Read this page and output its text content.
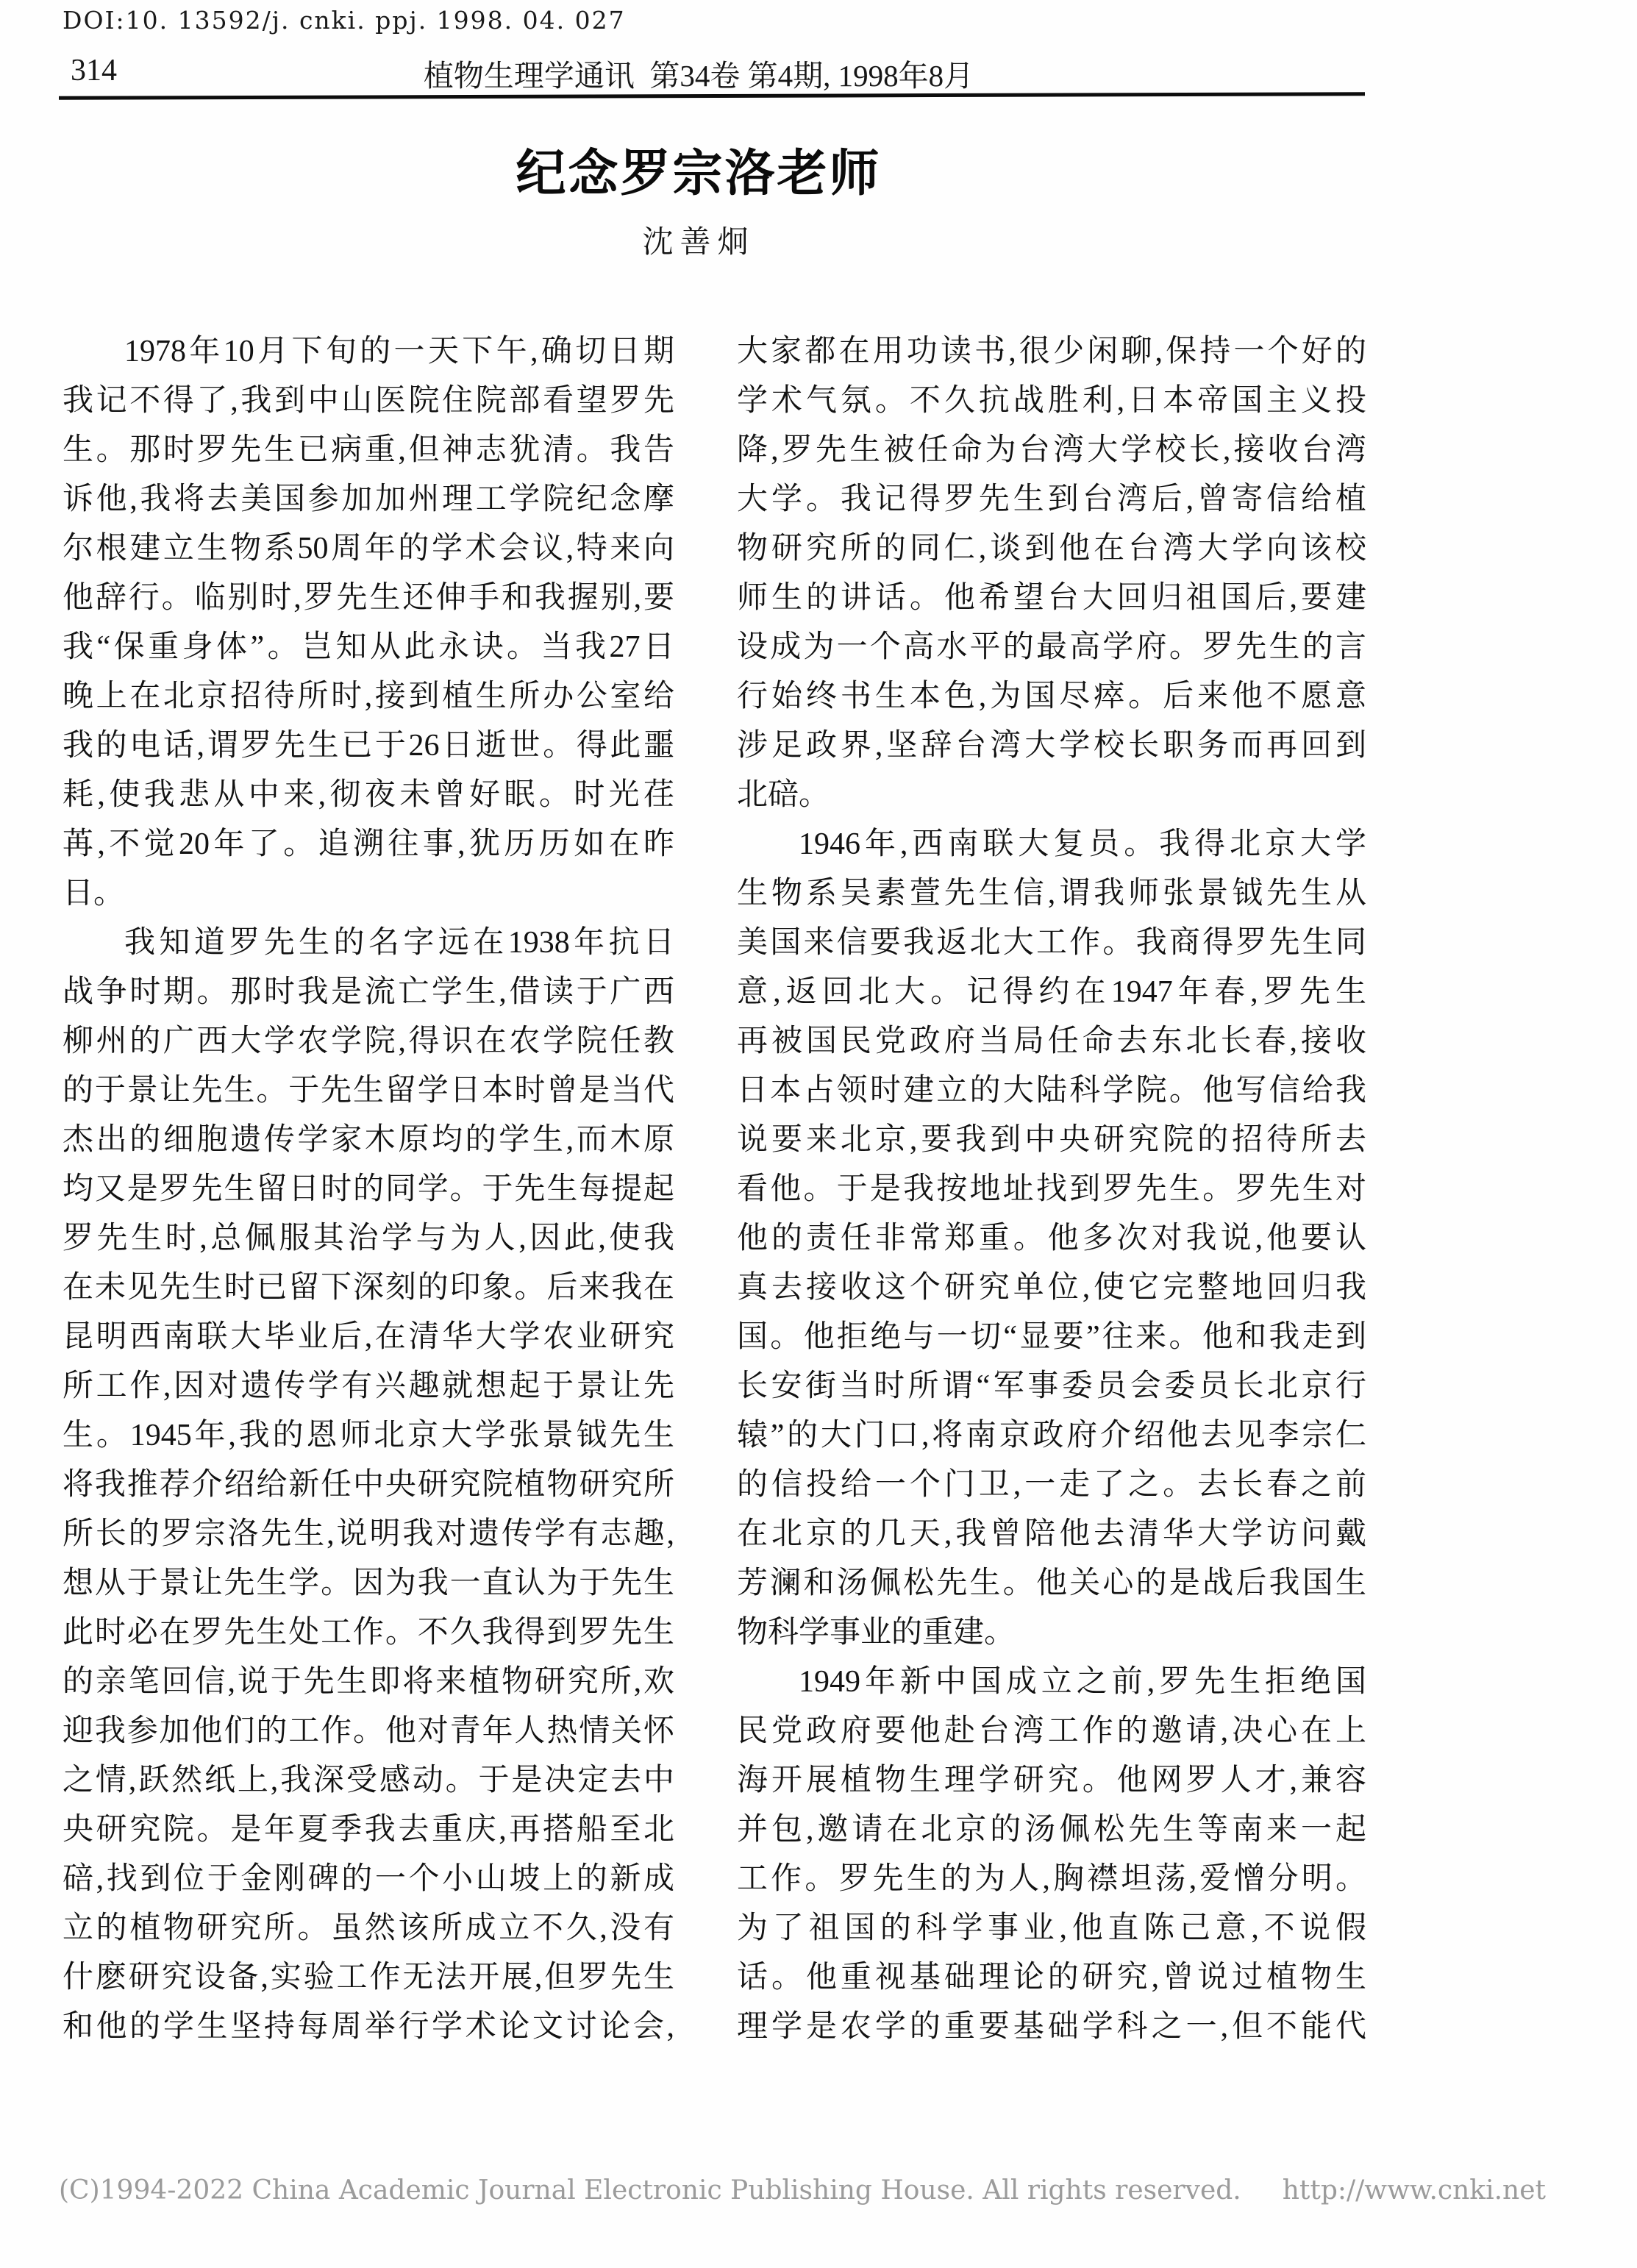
DOI:10. 13592/j. cnki. ppj. 1998. 04. 027
314	植物生理学通讯  第34卷 第4期, 1998年8月
纪念罗宗洛老师
沈善炯
1978年10月下旬的一天下午,确切日期
我记不得了,我到中山医院住院部看望罗先
生。那时罗先生已病重,但神志犹清。我告
诉他,我将去美国参加加州理工学院纪念摩
尔根建立生物系50周年的学术会议,特来向
他辞行。临别时,罗先生还伸手和我握别,要
我“保重身体”。岂知从此永诀。当我27日
晚上在北京招待所时,接到植生所办公室给
我的电话,谓罗先生已于26日逝世。得此噩
耗,使我悲从中来,彻夜未曾好眠。时光荏
苒,不觉20年了。追溯往事,犹历历如在昨
日。
我知道罗先生的名字远在1938年抗日
战争时期。那时我是流亡学生,借读于广西
柳州的广西大学农学院,得识在农学院任教
的于景让先生。于先生留学日本时曾是当代
杰出的细胞遗传学家木原均的学生,而木原
均又是罗先生留日时的同学。于先生每提起
罗先生时,总佩服其治学与为人,因此,使我
在未见先生时已留下深刻的印象。后来我在
昆明西南联大毕业后,在清华大学农业研究
所工作,因对遗传学有兴趣就想起于景让先
生。1945年,我的恩师北京大学张景钺先生
将我推荐介绍给新任中央研究院植物研究所
所长的罗宗洛先生,说明我对遗传学有志趣,
想从于景让先生学。因为我一直认为于先生
此时必在罗先生处工作。不久我得到罗先生
的亲笔回信,说于先生即将来植物研究所,欢
迎我参加他们的工作。他对青年人热情关怀
之情,跃然纸上,我深受感动。于是决定去中
央研究院。是年夏季我去重庆,再搭船至北
碚,找到位于金刚碑的一个小山坡上的新成
立的植物研究所。虽然该所成立不久,没有
什麽研究设备,实验工作无法开展,但罗先生
和他的学生坚持每周举行学术论文讨论会,
大家都在用功读书,很少闲聊,保持一个好的
学术气氛。不久抗战胜利,日本帝国主义投
降,罗先生被任命为台湾大学校长,接收台湾
大学。我记得罗先生到台湾后,曾寄信给植
物研究所的同仁,谈到他在台湾大学向该校
师生的讲话。他希望台大回归祖国后,要建
设成为一个高水平的最高学府。罗先生的言
行始终书生本色,为国尽瘁。后来他不愿意
涉足政界,坚辞台湾大学校长职务而再回到
北碚。
1946年,西南联大复员。我得北京大学
生物系吴素萱先生信,谓我师张景钺先生从
美国来信要我返北大工作。我商得罗先生同
意,返回北大。记得约在1947年春,罗先生
再被国民党政府当局任命去东北长春,接收
日本占领时建立的大陆科学院。他写信给我
说要来北京,要我到中央研究院的招待所去
看他。于是我按地址找到罗先生。罗先生对
他的责任非常郑重。他多次对我说,他要认
真去接收这个研究单位,使它完整地回归我
国。他拒绝与一切“显要”往来。他和我走到
长安街当时所谓“军事委员会委员长北京行
辕”的大门口,将南京政府介绍他去见李宗仁
的信投给一个门卫,一走了之。去长春之前
在北京的几天,我曾陪他去清华大学访问戴
芳澜和汤佩松先生。他关心的是战后我国生
物科学事业的重建。
1949年新中国成立之前,罗先生拒绝国
民党政府要他赴台湾工作的邀请,决心在上
海开展植物生理学研究。他网罗人才,兼容
并包,邀请在北京的汤佩松先生等南来一起
工作。罗先生的为人,胸襟坦荡,爱憎分明。
为了祖国的科学事业,他直陈己意,不说假
话。他重视基础理论的研究,曾说过植物生
理学是农学的重要基础学科之一,但不能代
(C)1994-2022 China Academic Journal Electronic Publishing House. All rights reserved. http://www.cnki.net
